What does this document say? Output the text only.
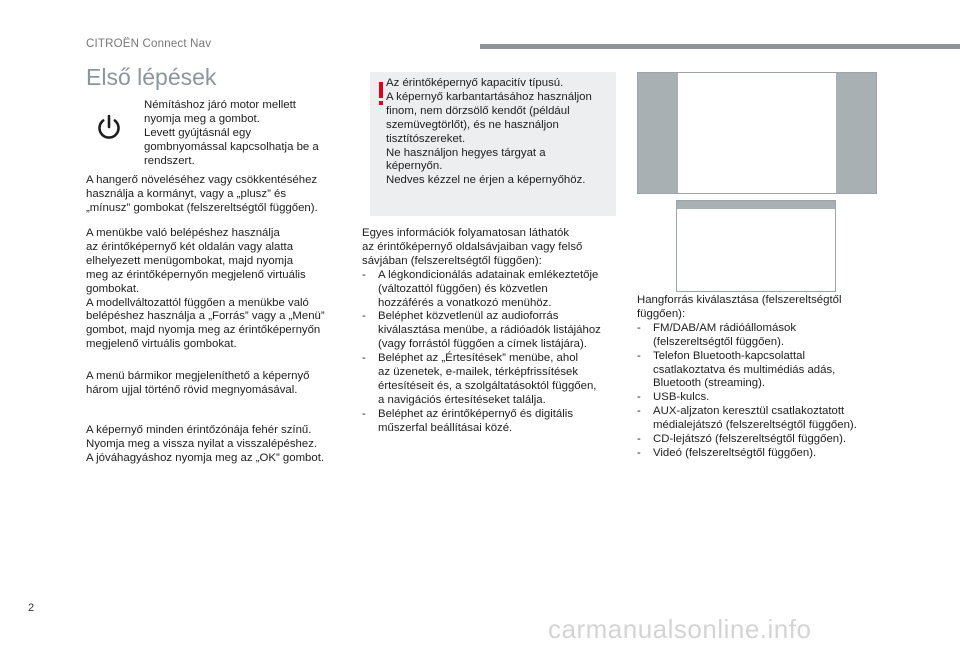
CITROËN Connect Nav
Első lépések

Némításhoz járó motor mellett

nyomja meg a gombot.

Levett gyújtásnál egy

gombnyomással kapcsolhatja be a

rendszert.

A hangerő növeléséhez vagy csökkentéséhez

használja a kormányt, vagy a „plusz” és

„mínusz” gombokat (felszereltségtől függően).

A menükbe való belépéshez használja

az érintőképernyő két oldalán vagy alatta

elhelyezett menügombokat, majd nyomja

meg az érintőképernyőn megjelenő virtuális

gombokat.

A modellváltozattól függően a menükbe való

belépéshez használja a „Forrás” vagy a „Menü”

gombot, majd nyomja meg az érintőképernyőn

megjelenő virtuális gombokat.

A menü bármikor megjeleníthető a képernyő

három ujjal történő rövid megnyomásával.

A képernyő minden érintőzónája fehér színű.

Nyomja meg a vissza nyilat a visszalépéshez.

A jóváhagyáshoz nyomja meg az „OK” gombot.

Az érintőképernyő kapacitív típusú.

A képernyő karbantartásához használjon

finom, nem dörzsölő kendőt (például

szemüvegtörlőt), és ne használjon

tisztítószereket.

Ne használjon hegyes tárgyat a

képernyőn.

Nedves kézzel ne érjen a képernyőhöz.

Egyes információk folyamatosan láthatók

az érintőképernyő oldalsávjaiban vagy felső

sávjában (felszereltségtől függően):

- A légkondicionálás adatainak emlékeztetője

(változattól függően) és közvetlen

hozzáférés a vonatkozó menühöz.

- Beléphet közvetlenül az audioforrás

kiválasztása menübe, a rádióadók listájához

(vagy forrástól függően a címek listájára).

- Beléphet az „Értesítések” menübe, ahol

az üzenetek, e-mailek, térképfrissítések

értesítéseit és, a szolgáltatásoktól függően,

a navigációs értesítéseket találja.

- Beléphet az érintőképernyő és digitális

műszerfal beállításai közé.

Hangforrás kiválasztása (felszereltségtől

függően):

- FM/DAB/AM rádióállomások

(felszereltségtől függően).

- Telefon Bluetooth-kapcsolattal

csatlakoztatva és multimédiás adás,

Bluetooth (streaming).

- USB-kulcs.

- AUX-aljzaton keresztül csatlakoztatott

médialejátszó (felszereltségtől függően).

- CD-lejátszó (felszereltségtől függően).

- Videó (felszereltségtől függően).

2
carmanualsonline.info
